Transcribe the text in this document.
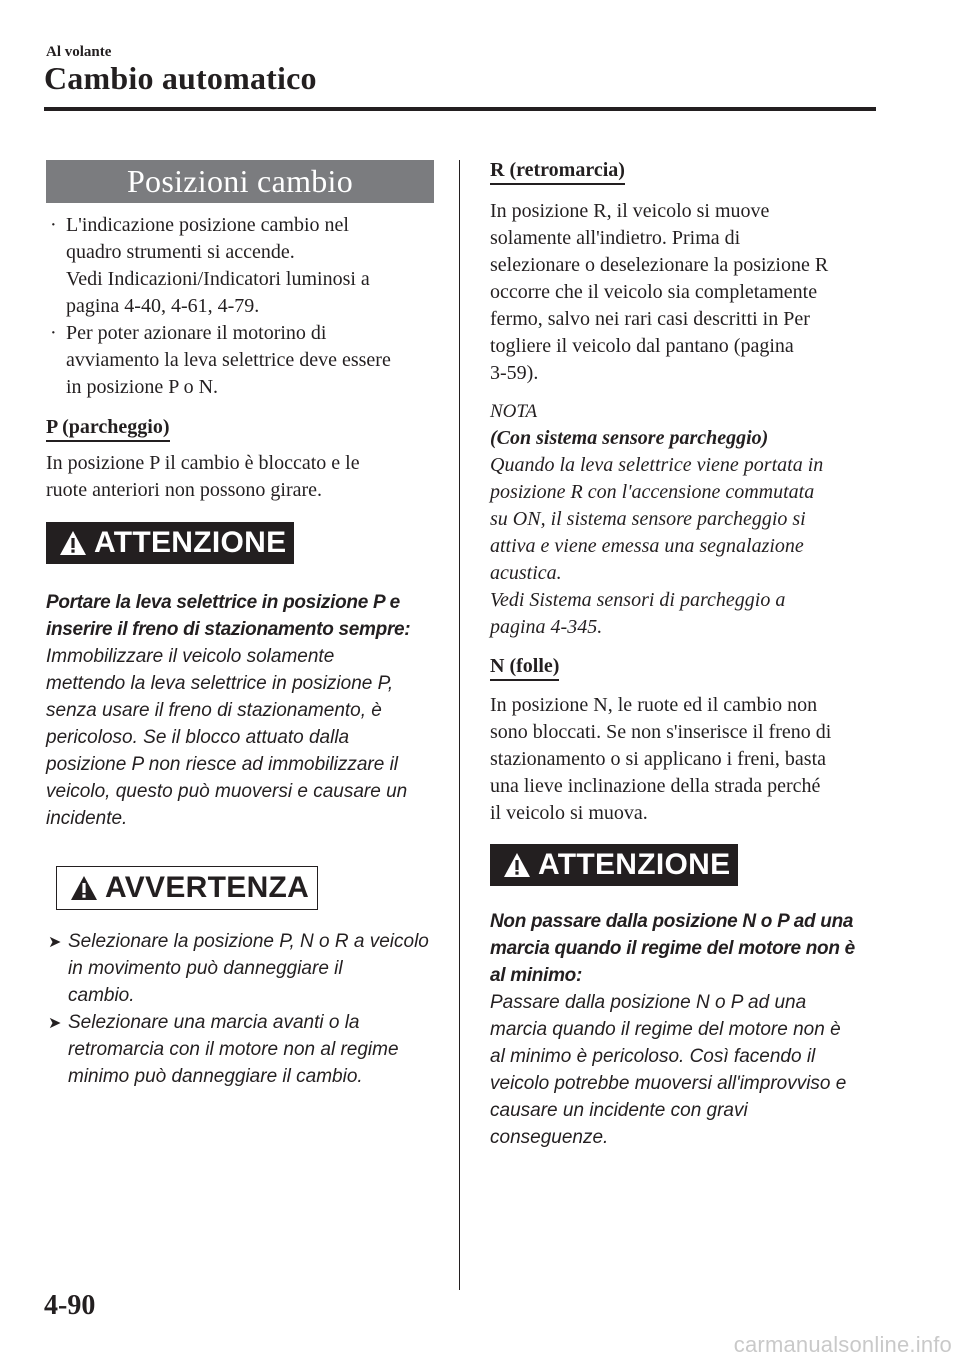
Al volante
Cambio automatico
Posizioni cambio
· L'indicazione posizione cambio nel
quadro strumenti si accende.
Vedi Indicazioni/Indicatori luminosi a
pagina 4-40, 4-61, 4-79.
· Per poter azionare il motorino di
avviamento la leva selettrice deve essere
in posizione P o N.
P (parcheggio)
In posizione P il cambio è bloccato e le
ruote anteriori non possono girare.
ATTENZIONE
Portare la leva selettrice in posizione P e
inserire il freno di stazionamento sempre:
Immobilizzare il veicolo solamente
mettendo la leva selettrice in posizione P,
senza usare il freno di stazionamento, è
pericoloso. Se il blocco attuato dalla
posizione P non riesce ad immobilizzare il
veicolo, questo può muoversi e causare un
incidente.
AVVERTENZA
➤ Selezionare la posizione P, N o R a veicolo
in movimento può danneggiare il
cambio.
➤ Selezionare una marcia avanti o la
retromarcia con il motore non al regime
minimo può danneggiare il cambio.
R (retromarcia)
In posizione R, il veicolo si muove
solamente all'indietro. Prima di
selezionare o deselezionare la posizione R
occorre che il veicolo sia completamente
fermo, salvo nei rari casi descritti in Per
togliere il veicolo dal pantano (pagina
3-59).
NOTA
(Con sistema sensore parcheggio)
Quando la leva selettrice viene portata in
posizione R con l'accensione commutata
su ON, il sistema sensore parcheggio si
attiva e viene emessa una segnalazione
acustica.
Vedi Sistema sensori di parcheggio a
pagina 4-345.
N (folle)
In posizione N, le ruote ed il cambio non
sono bloccati. Se non s'inserisce il freno di
stazionamento o si applicano i freni, basta
una lieve inclinazione della strada perché
il veicolo si muova.
ATTENZIONE
Non passare dalla posizione N o P ad una
marcia quando il regime del motore non è
al minimo:
Passare dalla posizione N o P ad una
marcia quando il regime del motore non è
al minimo è pericoloso. Così facendo il
veicolo potrebbe muoversi all'improvviso e
causare un incidente con gravi
conseguenze.
4-90
carmanualsonline.info
